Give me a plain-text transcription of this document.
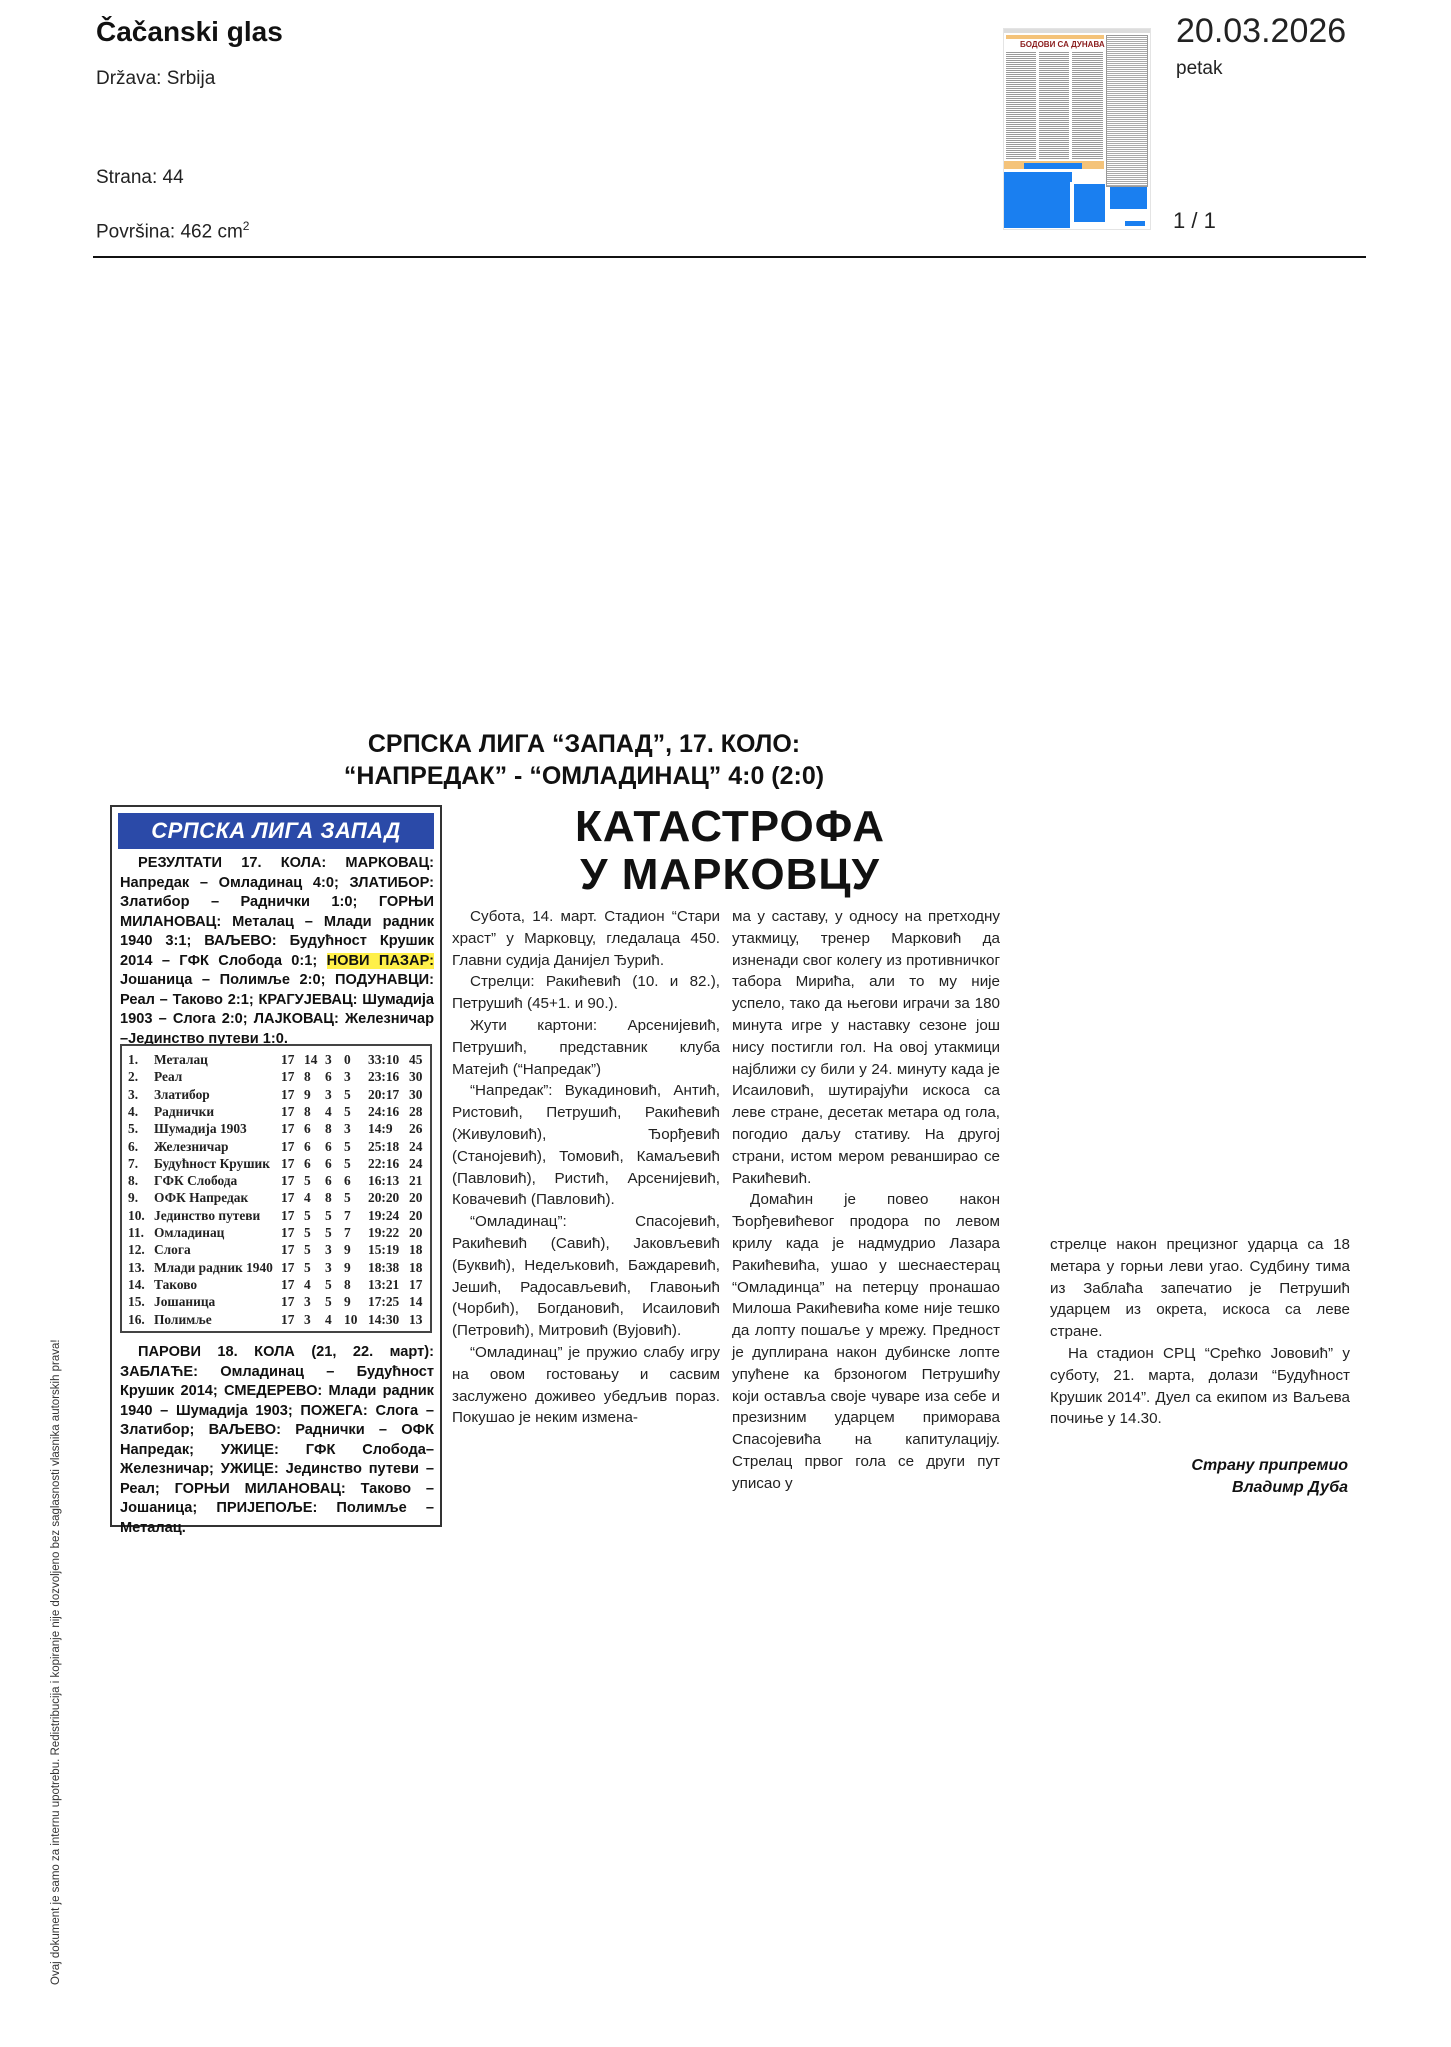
Čačanski glas
Država: Srbija
Strana: 44
Površina: 462 $cm^2$
БОДОВИ СА ДУНАВА 20.03.2026
petak
1 / 1
Ovaj dokument je samo za internu upotrebu. Redistribucija i kopiranje nije dozvoljeno bez saglasnosti vlasnika autorskih prava!
СРПСКА ЛИГА “ЗАПАД”, 17. КОЛО:
“НАПРЕДАК” - “ОМЛАДИНАЦ” 4:0 (2:0)
КАТАСТРОФА
У МАРКОВЦУ
СРПСКА ЛИГА ЗАПАД
РЕЗУЛТАТИ 17. КОЛА: МАРКОВАЦ: Напредак – Омладинац 4:0; ЗЛАТИБОР: Златибор – Раднички 1:0; ГОРЊИ МИЛАНОВАЦ: Металац – Млади радник 1940 3:1; ВАЉЕВО: Будућност Крушик 2014 – ГФК Слобода 0:1; НОВИ ПАЗАР: Јошаница – Полимље 2:0; ПОДУНАВЦИ: Реал – Таково 2:1; КРАГУЈЕВАЦ: Шумадија 1903 – Слога 2:0; ЛАЈКОВАЦ: Железничар –Јединство путеви 1:0.
1. Металац	17 14 3 0 33:10 45
2. Реал	17 8 6 3 23:16 30
3. Златибор	17 9 3 5 20:17 30
4. Раднички	17 8 4 5 24:16 28
5. Шумадија 1903	17 6 8 3 14:9 26
6. Железничар	17 6 6 5 25:18 24
7. Будућност Крушик 17 6 6 5 22:16 24
8. ГФК Слобода	17 5 6 6 16:13 21
9. ОФК Напредак 17 4 8 5 20:20 20
10. Јединство путеви 17 5 5 7 19:24 20
11. Омладинац	17 5 5 7 19:22 20
12. Слога	17 5 3 9 15:19 18
13. Млади радник 1940 17 5 3 9 18:38 18
14. Таково	17 4 5 8 13:21 17
15. Јошаница	17 3 5 9 17:25 14
16. Полимље	17 3 4 10 14:30 13
ПАРОВИ 18. КОЛА (21, 22. март): ЗАБЛАЋЕ: Омладинац – Будућност Крушик 2014; СМЕДЕРЕВО: Млади радник 1940 – Шумадија 1903; ПОЖЕГА: Слога – Златибор; ВАЉЕВО: Раднички – ОФК Напредак; УЖИЦЕ: ГФК Слобода–Железничар; УЖИЦЕ: Јединство путеви – Реал; ГОРЊИ МИЛАНОВАЦ: Таково – Јошаница; ПРИЈЕПОЉЕ: Полимље – Металац.

Субота, 14. март. Стадион “Стари храст” у Марковцу, гледалаца 450. Главни судија Данијел Ђурић.

Стрелци: Ракићевић (10. и 82.), Петрушић (45+1. и 90.).

Жути картони: Арсенијевић, Петрушић, представник клуба Матејић (“Напредак”)

“Напредак”: Вукадиновић, Антић, Ристовић, Петрушић, Ракићевић (Живуловић), Ђорђевић (Станојевић), Томовић, Камаљевић (Павловић), Ристић, Арсенијевић, Ковачевић (Павловић).

“Омладинац”: Спасојевић, Ракићевић (Савић), Јаковљевић (Буквић), Недељковић, Баждаревић, Јешић, Радосављевић, Главоњић (Чорбић), Богдановић, Исаиловић (Петровић), Митровић (Вујовић).

“Омладинац” је пружио слабу игру на овом гостовању и сасвим заслужено доживео убедљив пораз. Покушао је неким измена-

ма у саставу, у односу на претходну утакмицу, тренер Марковић да изненади свог колегу из противничког табора Мирића, али то му није успело, тако да његови играчи за 180 минута игре у наставку сезоне још нису постигли гол. На овој утакмици најближи су били у 24. минуту када је Исаиловић, шутирајући искоса са леве стране, десетак метара од гола, погодио даљу стативу. На другој страни, истом мером реванширао се Ракићевић.

Домаћин је повео након Ђорђевићевог продора по левом крилу када је надмудрио Лазара Ракићевића, ушао у шеснаестерац “Омладинца” на петерцу пронашао Милоша Ракићевића коме није тешко да лопту пошаље у мрежу. Предност је дуплирана након дубинске лопте упућене ка брзоногом Петрушићу који оставља своје чуваре иза себе и презизним ударцем приморава Спасојевића на капитулацију. Стрелац првог гола се други пут уписао у

стрелце након прецизног ударца са 18 метара у горњи леви угао. Судбину тима из Заблаћа запечатио је Петрушић ударцем из окрета, искоса са леве стране.

На стадион СРЦ “Срећко Јововић” у суботу, 21. марта, долази “Будућност Крушик 2014”. Дуел са екипом из Ваљева почиње у 14.30.

Страну припремио
Владимр Дуба
